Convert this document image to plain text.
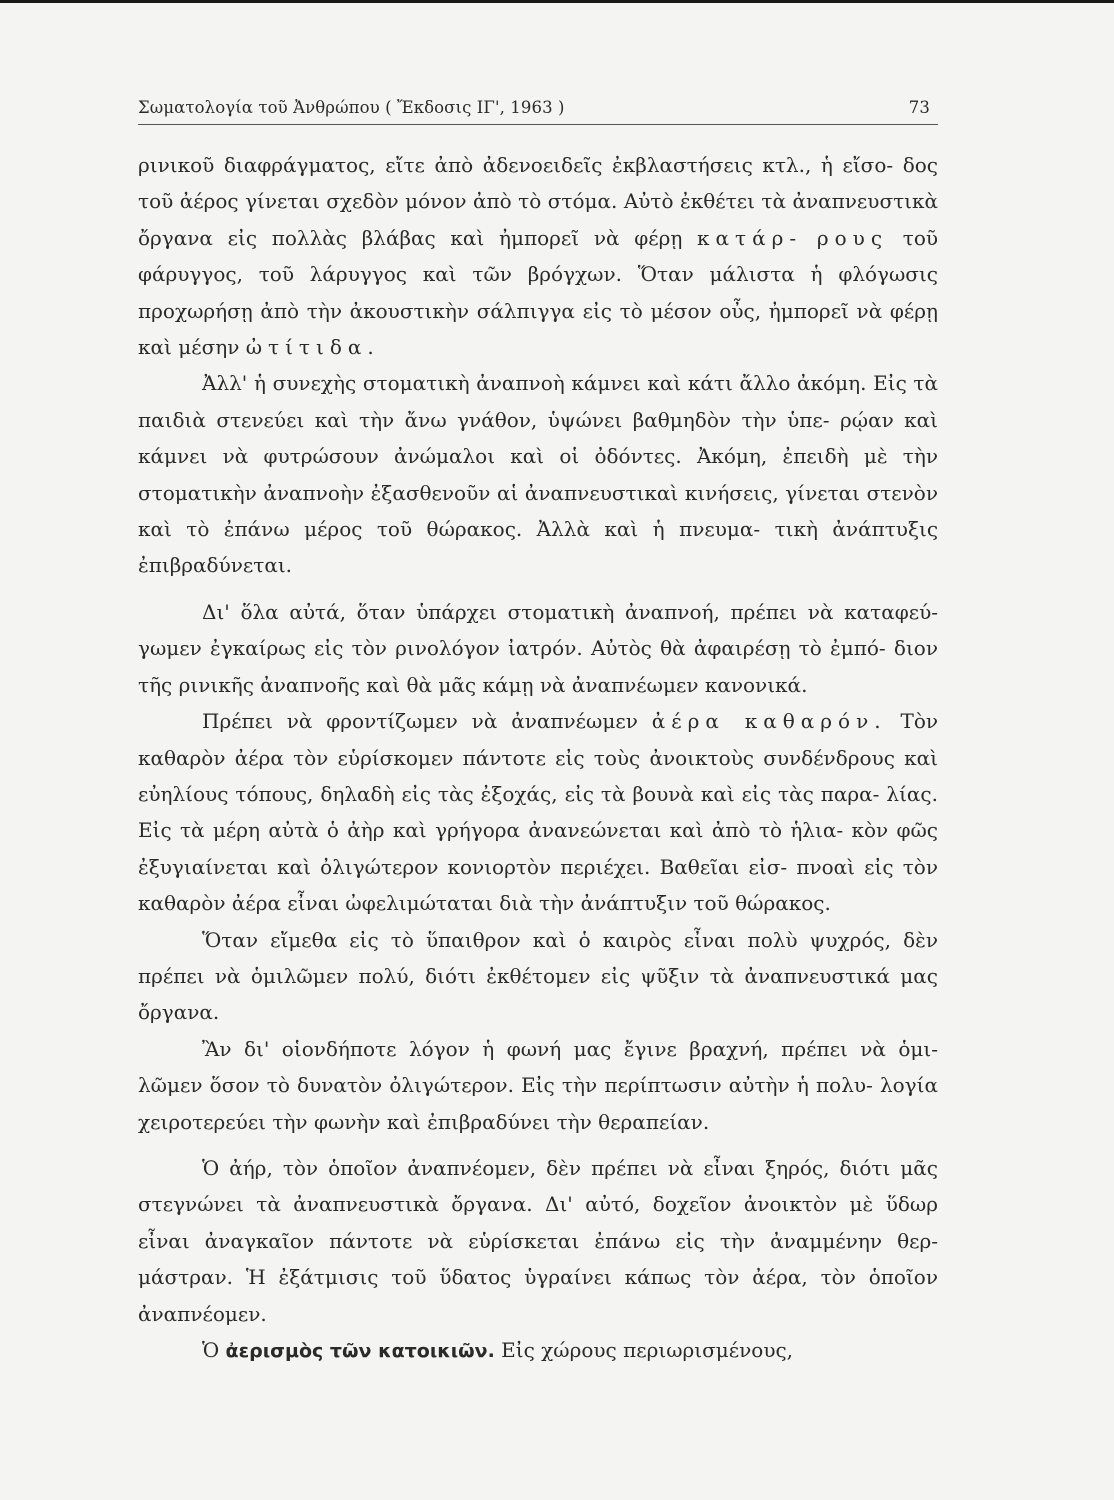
Σωματολογία τοῦ Ἀνθρώπου ( Ἔκδοσις ΙΓ', 1963 )	73

ρινικοῦ διαφράγματος, εἴτε ἀπὸ ἀδενοειδεῖς ἐκβλαστήσεις κτλ., ἡ εἴσο- δος τοῦ ἀέρος γίνεται σχεδὸν μόνον ἀπὸ τὸ στόμα. Αὐτὸ ἐκθέτει τὰ ἀναπνευστικὰ ὄργανα εἰς πολλὰς βλάβας καὶ ἠμπορεῖ νὰ φέρῃ κατάρ- ρους τοῦ φάρυγγος, τοῦ λάρυγγος καὶ τῶν βρόγχων. Ὅταν μάλιστα ἡ φλόγωσις προχωρήσῃ ἀπὸ τὴν ἀκουστικὴν σάλπιγγα εἰς τὸ μέσον οὖς, ἠμπορεῖ νὰ φέρῃ καὶ μέσην ὠτίτιδα.

Ἀλλ' ἡ συνεχὴς στοματικὴ ἀναπνοὴ κάμνει καὶ κάτι ἄλλο ἀκόμη. Εἰς τὰ παιδιὰ στενεύει καὶ τὴν ἄνω γνάθον, ὑψώνει βαθμηδὸν τὴν ὑπε- ρῴαν καὶ κάμνει νὰ φυτρώσουν ἀνώμαλοι καὶ οἱ ὀδόντες. Ἀκόμη, ἐπειδὴ μὲ τὴν στοματικὴν ἀναπνοὴν ἐξασθενοῦν αἱ ἀναπνευστικαὶ κινήσεις, γίνεται στενὸν καὶ τὸ ἐπάνω μέρος τοῦ θώρακος. Ἀλλὰ καὶ ἡ πνευμα- τικὴ ἀνάπτυξις ἐπιβραδύνεται.

Δι' ὅλα αὐτά, ὅταν ὑπάρχει στοματικὴ ἀναπνοή, πρέπει νὰ καταφεύ- γωμεν ἐγκαίρως εἰς τὸν ρινολόγον ἰατρόν. Αὐτὸς θὰ ἀφαιρέσῃ τὸ ἐμπό- διον τῆς ρινικῆς ἀναπνοῆς καὶ θὰ μᾶς κάμῃ νὰ ἀναπνέωμεν κανονικά.

Πρέπει νὰ φροντίζωμεν νὰ ἀναπνέωμεν ἀέρα καθαρόν. Τὸν καθαρὸν ἀέρα τὸν εὑρίσκομεν πάντοτε εἰς τοὺς ἀνοικτοὺς συνδένδρους καὶ εὐηλίους τόπους, δηλαδὴ εἰς τὰς ἐξοχάς, εἰς τὰ βουνὰ καὶ εἰς τὰς παρα- λίας. Εἰς τὰ μέρη αὐτὰ ὁ ἀὴρ καὶ γρήγορα ἀνανεώνεται καὶ ἀπὸ τὸ ἡλια- κὸν φῶς ἐξυγιαίνεται καὶ ὀλιγώτερον κονιορτὸν περιέχει. Βαθεῖαι εἰσ- πνοαὶ εἰς τὸν καθαρὸν ἀέρα εἶναι ὠφελιμώταται διὰ τὴν ἀνάπτυξιν τοῦ θώρακος.

Ὅταν εἴμεθα εἰς τὸ ὕπαιθρον καὶ ὁ καιρὸς εἶναι πολὺ ψυχρός, δὲν πρέπει νὰ ὁμιλῶμεν πολύ, διότι ἐκθέτομεν εἰς ψῦξιν τὰ ἀναπνευστικά μας ὄργανα.

Ἂν δι' οἱονδήποτε λόγον ἡ φωνή μας ἔγινε βραχνή, πρέπει νὰ ὁμι- λῶμεν ὅσον τὸ δυνατὸν ὀλιγώτερον. Εἰς τὴν περίπτωσιν αὐτὴν ἡ πολυ- λογία χειροτερεύει τὴν φωνὴν καὶ ἐπιβραδύνει τὴν θεραπείαν.

Ὁ ἀήρ, τὸν ὁποῖον ἀναπνέομεν, δὲν πρέπει νὰ εἶναι ξηρός, διότι μᾶς στεγνώνει τὰ ἀναπνευστικὰ ὄργανα. Δι' αὐτό, δοχεῖον ἀνοικτὸν μὲ ὕδωρ εἶναι ἀναγκαῖον πάντοτε νὰ εὑρίσκεται ἐπάνω εἰς τὴν ἀναμμένην θερ- μάστραν. Ἡ ἐξάτμισις τοῦ ὕδατος ὑγραίνει κάπως τὸν ἀέρα, τὸν ὁποῖον ἀναπνέομεν.

Ὁ ἀερισμὸς τῶν κατοικιῶν. Εἰς χώρους περιωρισμένους,
